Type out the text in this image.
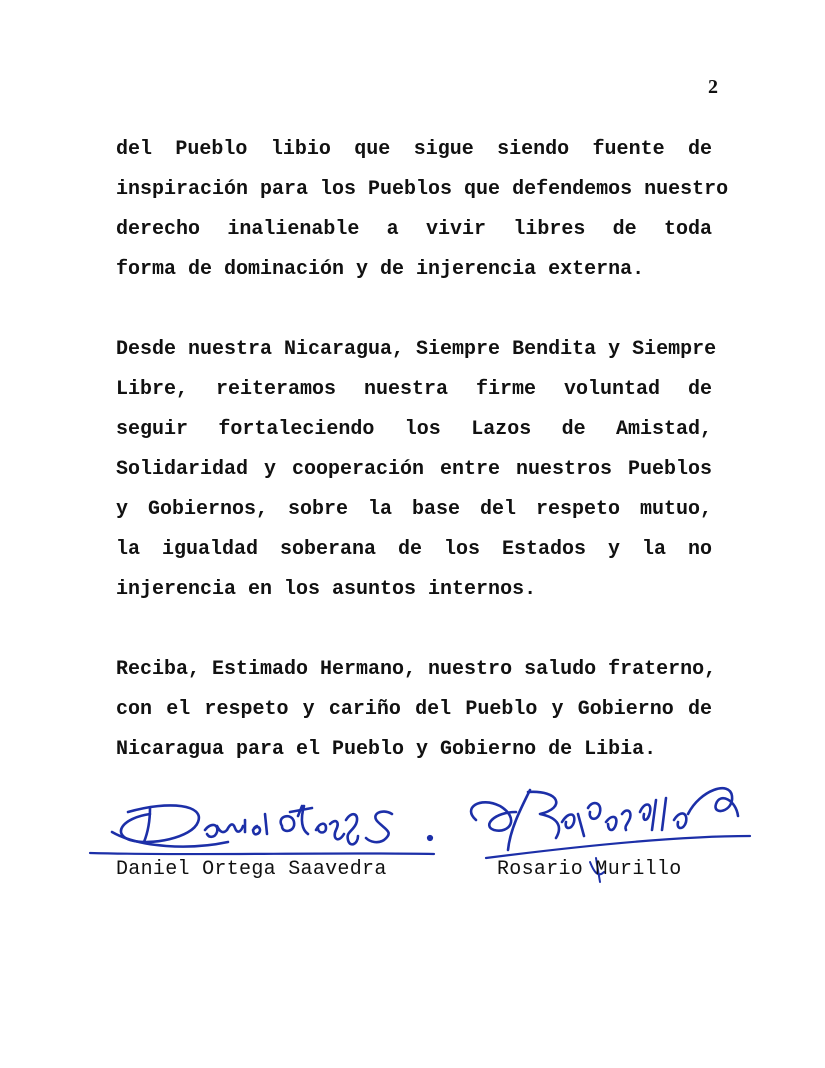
2

del Pueblo libio que sigue siendo fuente de
inspiración para los Pueblos que defendemos nuestro
derecho inalienable a vivir libres de toda
forma de dominación y de injerencia externa.

Desde nuestra Nicaragua, Siempre Bendita y Siempre
Libre, reiteramos nuestra firme voluntad de
seguir fortaleciendo los Lazos de Amistad,
Solidaridad y cooperación entre nuestros Pueblos
y Gobiernos, sobre la base del respeto mutuo,
la igualdad soberana de los Estados y la no
injerencia en los asuntos internos.

Reciba, Estimado Hermano, nuestro saludo fraterno,
con el respeto y cariño del Pueblo y Gobierno de
Nicaragua para el Pueblo y Gobierno de Libia.

Daniel Ortega Saavedra	Rosario Murillo
